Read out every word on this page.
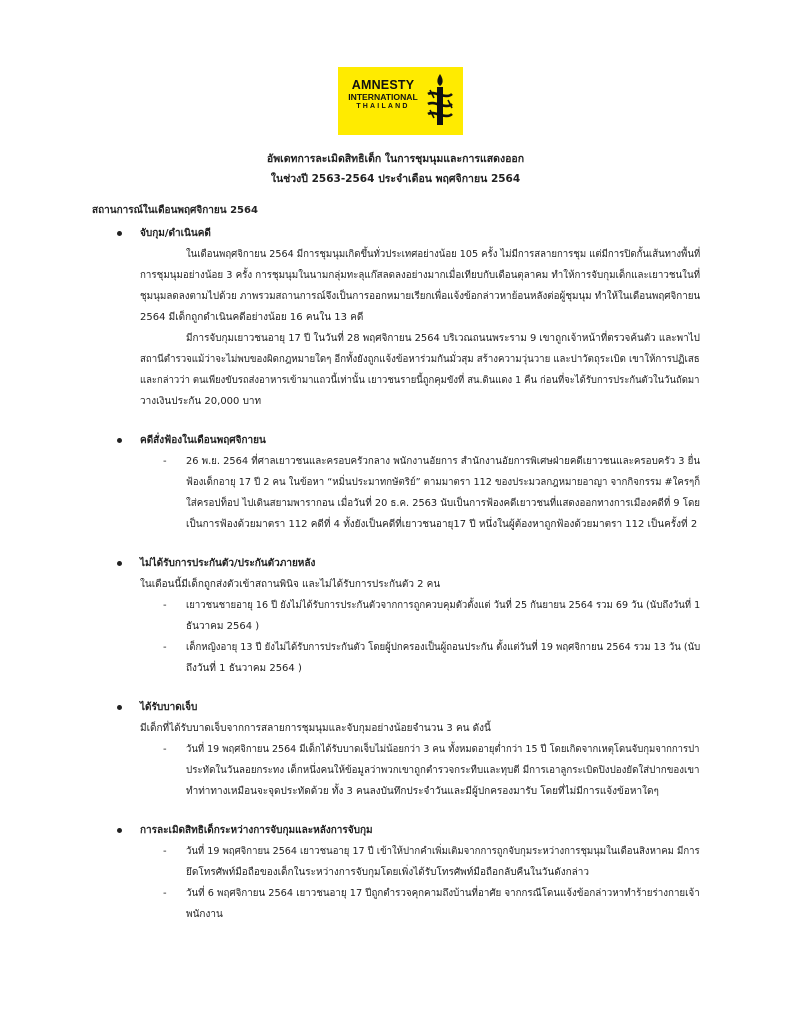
AMNESTY
INTERNATIONAL
THAILAND
อัพเดทการละเมิดสิทธิเด็ก ในการชุมนุมและการแสดงออก
ในช่วงปี 2563-2564 ประจำเดือน พฤศจิกายน 2564
สถานการณ์ในเดือนพฤศจิกายน 2564
จับกุม/ดำเนินคดี
ในเดือนพฤศจิกายน 2564 มีการชุมนุมเกิดขึ้นทั่วประเทศอย่างน้อย 105 ครั้ง ไม่มีการสลายการชุม แต่มีการปิดกั้นเส้นทางพื้นที่
การชุมนุมอย่างน้อย 3 ครั้ง การชุมนุมในนามกลุ่มทะลุแก๊สลดลงอย่างมากเมื่อเทียบกับเดือนตุลาคม ทำให้การจับกุมเด็กและเยาวชนในที่
ชุมนุมลดลงตามไปด้วย ภาพรวมสถานการณ์จึงเป็นการออกหมายเรียกเพื่อแจ้งข้อกล่าวหาย้อนหลังต่อผู้ชุมนุม ทำให้ในเดือนพฤศจิกายน
2564 มีเด็กถูกดำเนินคดีอย่างน้อย 16 คนใน 13 คดี
มีการจับกุมเยาวชนอายุ 17 ปี ในวันที่ 28 พฤศจิกายน 2564 บริเวณถนนพระราม 9 เขาถูกเจ้าหน้าที่ตรวจค้นตัว และพาไป
สถานีตำรวจแม้ว่าจะไม่พบของผิดกฎหมายใดๆ อีกทั้งยังถูกแจ้งข้อหาร่วมกันมั่วสุม สร้างความวุ่นวาย และปาวัตถุระเบิด เขาให้การปฏิเสธ
และกล่าวว่า ตนเพียงขับรถส่งอาหารเข้ามาแถวนี้เท่านั้น เยาวชนรายนี้ถูกคุมขังที่ สน.ดินแดง 1 คืน ก่อนที่จะได้รับการประกันตัวในวันถัดมา
วางเงินประกัน 20,000 บาท
คดีสั่งฟ้องในเดือนพฤศจิกายน
- 26 พ.ย. 2564 ที่ศาลเยาวชนและครอบครัวกลาง พนักงานอัยการ สำนักงานอัยการพิเศษฝ่ายคดีเยาวชนและครอบครัว 3 ยื่น
ฟ้องเด็กอายุ 17 ปี 2 คน ในข้อหา “หมิ่นประมาทกษัตริย์” ตามมาตรา 112 ของประมวลกฎหมายอาญา จากกิจกรรม #ใครๆก็
ใส่ครอปท็อป ไปเดินสยามพารากอน เมื่อวันที่ 20 ธ.ค. 2563 นับเป็นการฟ้องคดีเยาวชนที่แสดงออกทางการเมืองคดีที่ 9 โดย
เป็นการฟ้องด้วยมาตรา 112 คดีที่ 4 ทั้งยังเป็นคดีที่เยาวชนอายุ17 ปี หนึ่งในผู้ต้องหาถูกฟ้องด้วยมาตรา 112 เป็นครั้งที่ 2
ไม่ได้รับการประกันตัว/ประกันตัวภายหลัง
ในเดือนนี้มีเด็กถูกส่งตัวเข้าสถานพินิจ และไม่ได้รับการประกันตัว 2 คน
- เยาวชนชายอายุ 16 ปี ยังไม่ได้รับการประกันตัวจากการถูกควบคุมตัวตั้งแต่ วันที่ 25 กันยายน 2564 รวม 69 วัน (นับถึงวันที่ 1
ธันวาคม 2564 )
- เด็กหญิงอายุ 13 ปี ยังไม่ได้รับการประกันตัว โดยผู้ปกครองเป็นผู้ถอนประกัน ตั้งแต่วันที่ 19 พฤศจิกายน 2564 รวม 13 วัน (นับ
ถึงวันที่ 1 ธันวาคม 2564 )
ได้รับบาดเจ็บ
มีเด็กที่ได้รับบาดเจ็บจากการสลายการชุมนุมและจับกุมอย่างน้อยจำนวน 3 คน ดังนี้
- วันที่ 19 พฤศจิกายน 2564 มีเด็กได้รับบาดเจ็บไม่น้อยกว่า 3 คน ทั้งหมดอายุต่ำกว่า 15 ปี โดยเกิดจากเหตุโดนจับกุมจากการปา
ประทัดในวันลอยกระทง เด็กหนึ่งคนให้ข้อมูลว่าพวกเขาถูกตำรวจกระทืบและทุบตี มีการเอาลูกระเบิดปิงปองยัดใส่ปากของเขา
ทำท่าทางเหมือนจะจุดประทัดด้วย ทั้ง 3 คนลงบันทึกประจำวันและมีผู้ปกครองมารับ โดยที่ไม่มีการแจ้งข้อหาใดๆ
การละเมิดสิทธิเด็กระหว่างการจับกุมและหลังการจับกุม
- วันที่ 19 พฤศจิกายน 2564 เยาวชนอายุ 17 ปี เข้าให้ปากคำเพิ่มเติมจากการถูกจับกุมระหว่างการชุมนุมในเดือนสิงหาคม มีการ
ยึดโทรศัพท์มือถือของเด็กในระหว่างการจับกุมโดยเพิ่งได้รับโทรศัพท์มือถือกลับคืนในวันดังกล่าว
- วันที่ 6 พฤศจิกายน 2564 เยาวชนอายุ 17 ปีถูกตำรวจคุกคามถึงบ้านที่อาศัย จากกรณีโดนแจ้งข้อกล่าวหาทำร้ายร่างกายเจ้า
พนักงาน
